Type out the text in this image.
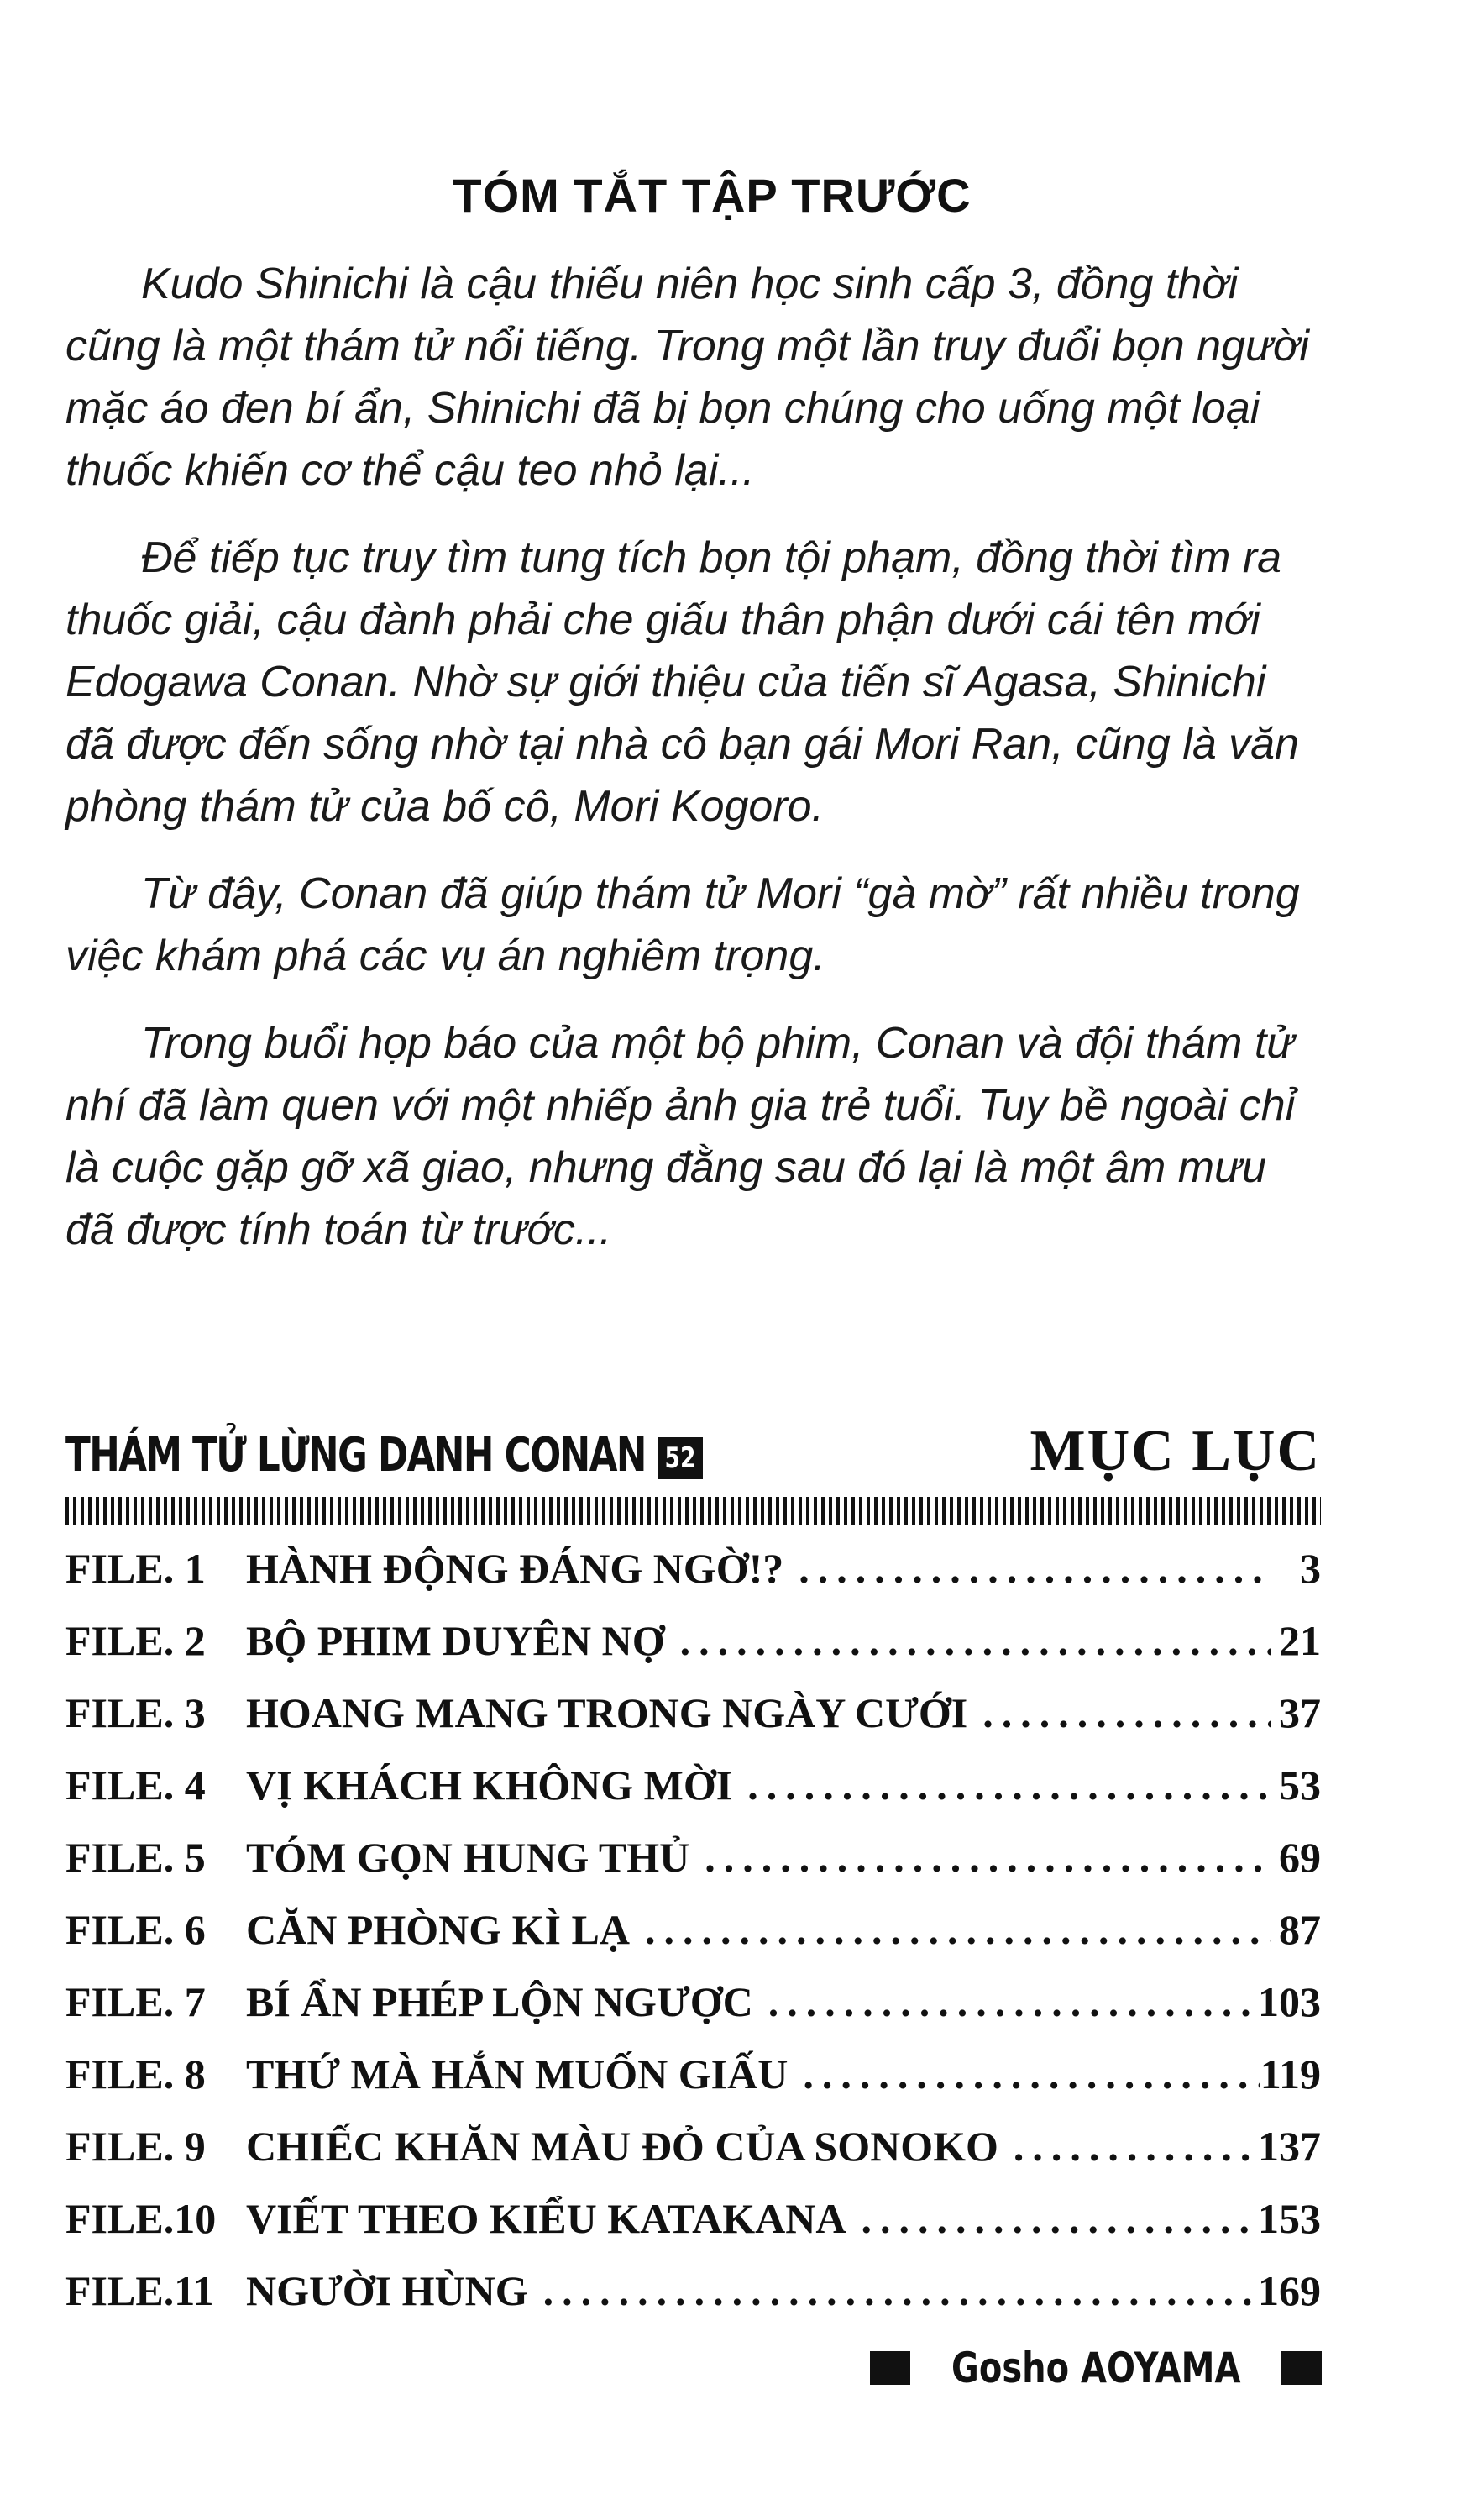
TÓM TẮT TẬP TRƯỚC

Kudo Shinichi là cậu thiếu niên học sinh cấp 3, đồng thời cũng là một thám tử nổi tiếng. Trong một lần truy đuổi bọn người mặc áo đen bí ẩn, Shinichi đã bị bọn chúng cho uống một loại thuốc khiến cơ thể cậu teo nhỏ lại...

Để tiếp tục truy tìm tung tích bọn tội phạm, đồng thời tìm ra thuốc giải, cậu đành phải che giấu thân phận dưới cái tên mới Edogawa Conan. Nhờ sự giới thiệu của tiến sĩ Agasa, Shinichi đã được đến sống nhờ tại nhà cô bạn gái Mori Ran, cũng là văn phòng thám tử của bố cô, Mori Kogoro.

Từ đây, Conan đã giúp thám tử Mori “gà mờ” rất nhiều trong việc khám phá các vụ án nghiêm trọng.

Trong buổi họp báo của một bộ phim, Conan và đội thám tử nhí đã làm quen với một nhiếp ảnh gia trẻ tuổi. Tuy bề ngoài chỉ là cuộc gặp gỡ xã giao, nhưng đằng sau đó lại là một âm mưu đã được tính toán từ trước...

THÁM TỬ LỪNG DANH CONAN 52	MỤC LỤC
FILE. 1 HÀNH ĐỘNG ĐÁNG NGỜ!? .....	3
FILE. 2 BỘ PHIM DUYÊN NỢ .....	21
FILE. 3 HOANG MANG TRONG NGÀY CƯỚI .....	37
FILE. 4 VỊ KHÁCH KHÔNG MỜI .....	53
FILE. 5 TÓM GỌN HUNG THỦ .....	69
FILE. 6 CĂN PHÒNG KÌ LẠ .....	87
FILE. 7 BÍ ẨN PHÉP LỘN NGƯỢC .....	103
FILE. 8 THỨ MÀ HẮN MUỐN GIẤU .....	119
FILE. 9 CHIẾC KHĂN MÀU ĐỎ CỦA SONOKO .....	137
FILE.10 VIẾT THEO KIỂU KATAKANA .....	153
FILE.11 NGƯỜI HÙNG .....	169
Gosho AOYAMA
